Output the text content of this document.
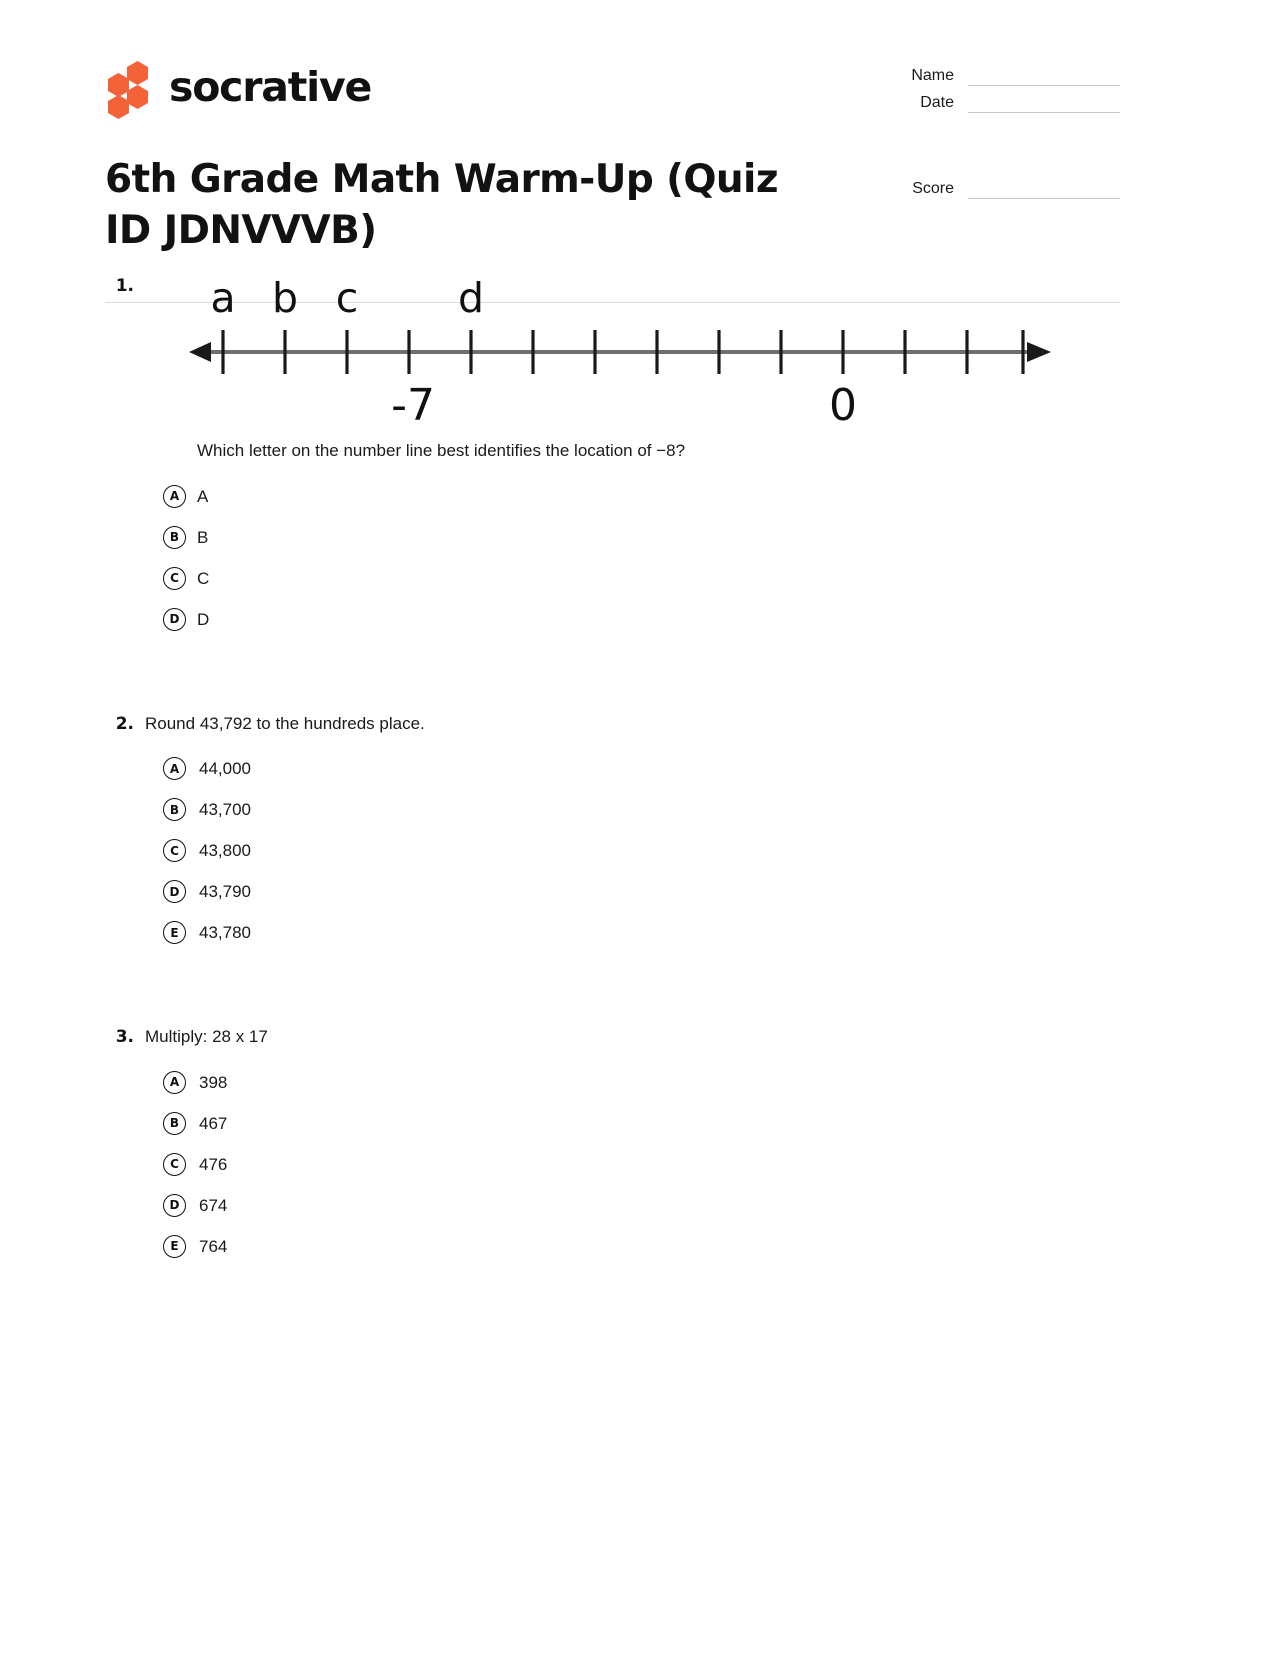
socrative	Name
Date
Score
6th Grade Math Warm-Up (Quiz ID JDNVVVB)
1. a b c d
-7	0
Which letter on the number line best identifies the location of −8?
A	A
B	B
C	C
D	D
2. Round 43,792 to the hundreds place.
A	44,000
B	43,700
C	43,800
D	43,790
E	43,780
3. Multiply: 28 x 17
A	398
B	467
C	476
D	674
E	764
